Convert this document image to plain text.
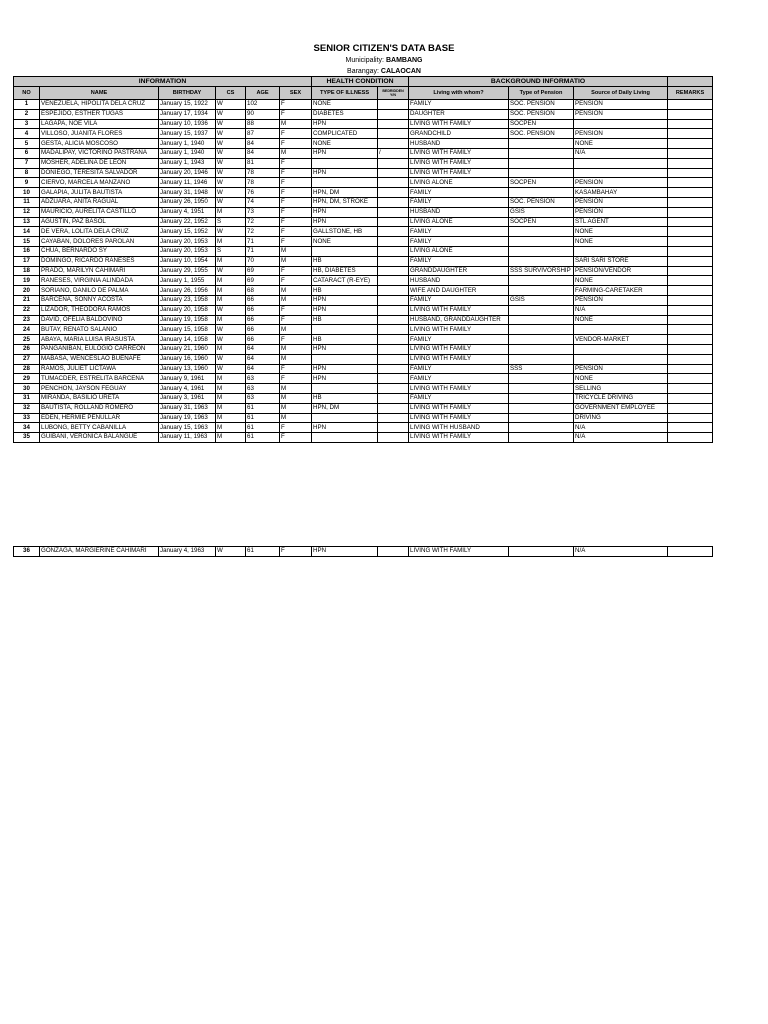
SENIOR CITIZEN'S DATA BASE
Municipality: BAMBANG
Barangay: CALAOCAN
INFORMATION						HEALTH CONDITION		BACKGROUND INFORMATIO			
NO	NAME	BIRTHDAY	CS	AGE	SEX	TYPE OF ILLNESS	BEDRIDDEN Y/N	Living with whom?	Type of Pension	Source of Daily Living	REMARKS
1	VENEZUELA, HIPOLITA DELA CRUZ	January 15, 1922	W	102	F	NONE		FAMILY	SOC. PENSION	PENSION	
2	ESPEJIDO, ESTHER TUGAS	January 17, 1934	W	90	F	DIABETES		DAUGHTER	SOC. PENSION	PENSION	
3	LAGAPA, NOE VILA	January 10, 1936	W	88	M	HPN		LIVING WITH FAMILY	SOCPEN		
4	VILLOSO, JUANITA FLORES	January 15, 1937	W	87	F	COMPLICATED		GRANDCHILD	SOC. PENSION	PENSION	
5	GESTA, ALICIA MOSCOSO	January 1, 1940	W	84	F	NONE		HUSBAND		NONE	
6	MADALIPAY, VICTORINO PASTRANA	January 1, 1940	W	84	M	HPN	/	LIVING WITH FAMILY		N/A	
7	MOSHER, ADELINA DE LEON	January 1, 1943	W	81	F			LIVING WITH FAMILY			
8	DONIEGO, TERESITA SALVADOR	January 20, 1946	W	78	F	HPN		LIVING WITH FAMILY			
9	CIERVO, MARCELA MANZANO	January 11, 1946	W	78	F			LIVING ALONE	SOCPEN	PENSION	
10	GALAPIA, JULITA BAUTISTA	January 31, 1948	W	76	F	HPN, DM		FAMILY		KASAMBAHAY	
11	ADZUARA, ANITA RAGUAL	January 26, 1950	W	74	F	HPN, DM, STROKE		FAMILY	SOC. PENSION	PENSION	
12	MAURICIO, AURELITA CASTILLO	January 4, 1951	M	73	F	HPN		HUSBAND	GSIS	PENSION	
13	AGUSTIN, PAZ BASOL	January 22, 1952	S	72	F	HPN		LIVING ALONE	SOCPEN	STL AGENT	
14	DE VERA, LOLITA DELA CRUZ	January 15, 1952	W	72	F	GALLSTONE, HB		FAMILY		NONE	
15	CAYABAN, DOLORES PAROLAN	January 20, 1953	M	71	F	NONE		FAMILY		NONE	
16	CHUA, BERNARDO SY	January 20, 1953	S	71	M			LIVING ALONE			
17	DOMINGO, RICARDO RANESES	January 10, 1954	M	70	M	HB		FAMILY		SARI SARI STORE	
18	PRADO, MARILYN CAHIMARI	January 29, 1955	W	69	F	HB, DIABETES		GRANDDAUGHTER	SSS SURVIVORSHIP	PENSION/VENDOR	
19	RANESES, VIRGINIA ALINDADA	January 1, 1955	M	69	F	CATARACT (R-EYE)		HUSBAND		NONE	
20	SORIANO, DANILO DE PALMA	January 26, 1956	M	68	M	HB		WIFE AND DAUGHTER		FARMING-CARETAKER	
21	BARCENA, SONNY ACOSTA	January 23, 1958	M	66	M	HPN		FAMILY	GSIS	PENSION	
22	LIZADOR, THEODORA RAMOS	January 20, 1958	W	66	F	HPN		LIVING WITH FAMILY		N/A	
23	DAVID, OFELIA BALDOVINO	January 19, 1958	M	66	F	HB		HUSBAND, GRANDDAUGHTER		NONE	
24	BUTAY, RENATO SALANIO	January 15, 1958	W	66	M			LIVING WITH FAMILY			
25	ABAYA, MARIA LUISA IRASUSTA	January 14, 1958	W	66	F	HB		FAMILY		VENDOR-MARKET	
26	PANGANIBAN, EULOGIO CARREON	January 21, 1960	M	64	M	HPN		LIVING WITH FAMILY			
27	MABASA, WENCESLAO BUENAFE	January 16, 1960	W	64	M			LIVING WITH FAMILY			
28	RAMOS, JULIET LICTAWA	January 13, 1960	W	64	F	HPN		FAMILY	SSS	PENSION	
29	TUMACDER, ESTRELITA BARCENA	January 9, 1961	M	63	F	HPN		FAMILY		NONE	
30	PENCHON, JAYSON FEGUAY	January 4, 1961	M	63	M			LIVING WITH FAMILY		SELLING	
31	MIRANDA, BASILIO URETA	January 3, 1961	M	63	M	HB		FAMILY		TRICYCLE DRIVING	
32	BAUTISTA, ROLLAND ROMERO	January 31, 1963	M	61	M	HPN, DM		LIVING WITH FAMILY		GOVERNMENT EMPLOYEE	
33	EDEN, HERMIE PENULLAR	January 19, 1963	M	61	M			LIVING WITH FAMILY		DRIVING	
34	LUBONG, BETTY CABANILLA	January 15, 1963	M	61	F	HPN		LIVING WITH HUSBAND		N/A	
35	GUIBANI, VERONICA BALANGUE	January 11, 1963	M	61	F			LIVING WITH FAMILY		N/A	
36	GONZAGA, MARGIERINE CAHIMARI	January 4, 1963	W	61	F	HPN		LIVING WITH FAMILY		N/A	
